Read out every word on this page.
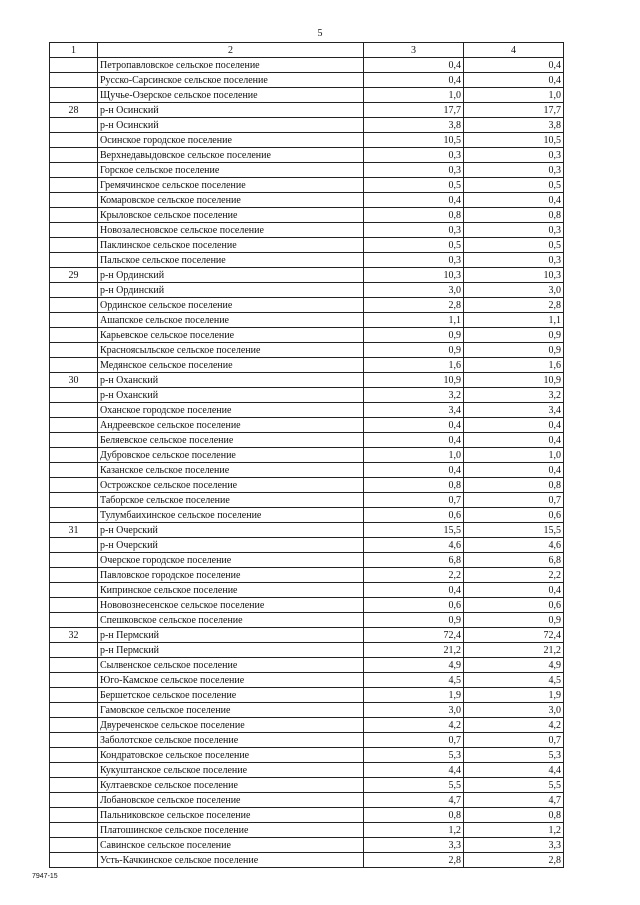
5
1	2	3	4
	Петропавловское сельское поселение	0,4	0,4
	Русско-Сарсинское сельское поселение	0,4	0,4
	Щучье-Озерское сельское поселение	1,0	1,0
28	р-н Осинский	17,7	17,7
	р-н Осинский	3,8	3,8
	Осинское городское поселение	10,5	10,5
	Верхнедавыдовское сельское поселение	0,3	0,3
	Горское сельское поселение	0,3	0,3
	Гремячинское сельское поселение	0,5	0,5
	Комаровское сельское поселение	0,4	0,4
	Крыловское сельское поселение	0,8	0,8
	Новозалесновское сельское поселение	0,3	0,3
	Паклинское сельское поселение	0,5	0,5
	Пальское сельское поселение	0,3	0,3
29	р-н Ординский	10,3	10,3
	р-н Ординский	3,0	3,0
	Ординское сельское поселение	2,8	2,8
	Ашапское сельское поселение	1,1	1,1
	Карьевское сельское поселение	0,9	0,9
	Красноясыльское сельское поселение	0,9	0,9
	Медянское сельское поселение	1,6	1,6
30	р-н Оханский	10,9	10,9
	р-н Оханский	3,2	3,2
	Оханское городское поселение	3,4	3,4
	Андреевское сельское поселение	0,4	0,4
	Беляевское сельское поселение	0,4	0,4
	Дубровское сельское поселение	1,0	1,0
	Казанское сельское поселение	0,4	0,4
	Острожское сельское поселение	0,8	0,8
	Таборское сельское поселение	0,7	0,7
	Тулумбаихинское сельское поселение	0,6	0,6
31	р-н Очерский	15,5	15,5
	р-н Очерский	4,6	4,6
	Очерское городское поселение	6,8	6,8
	Павловское городское поселение	2,2	2,2
	Кипринское сельское поселение	0,4	0,4
	Нововознесенское сельское поселение	0,6	0,6
	Спешковское сельское поселение	0,9	0,9
32	р-н Пермский	72,4	72,4
	р-н Пермский	21,2	21,2
	Сылвенское сельское поселение	4,9	4,9
	Юго-Камское сельское поселение	4,5	4,5
	Бершетское сельское поселение	1,9	1,9
	Гамовское сельское поселение	3,0	3,0
	Двуреченское сельское поселение	4,2	4,2
	Заболотское сельское поселение	0,7	0,7
	Кондратовское сельское поселение	5,3	5,3
	Кукуштанское сельское поселение	4,4	4,4
	Култаевское сельское поселение	5,5	5,5
	Лобановское сельское поселение	4,7	4,7
	Пальниковское сельское поселение	0,8	0,8
	Платошинское сельское поселение	1,2	1,2
	Савинское сельское поселение	3,3	3,3
	Усть-Качкинское сельское поселение	2,8	2,8
7947-15
